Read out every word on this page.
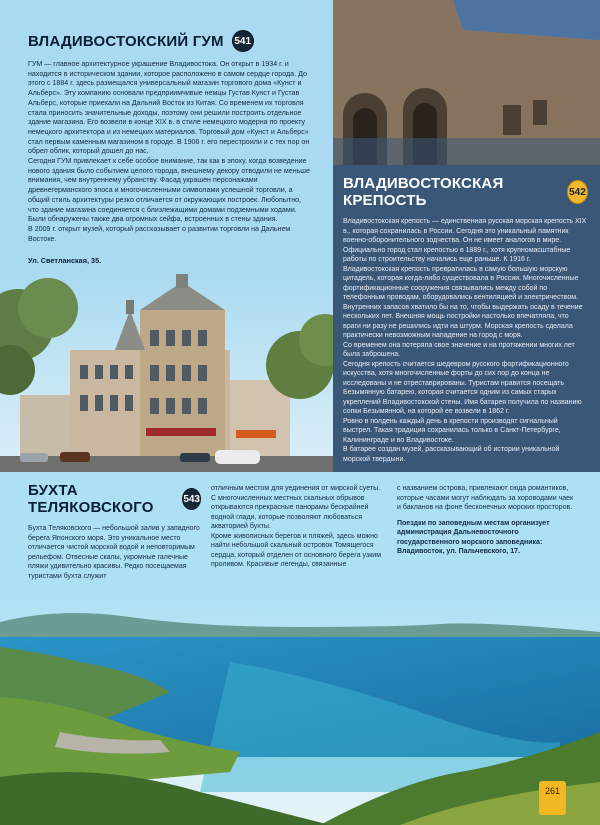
ВЛАДИВОСТОКСКИЙ ГУМ 541

ГУМ — главное архитектурное украшение Владивостока. Он открыт в 1934 г. и находится в историческом здании, которое расположено в самом сердце города. До этого с 1884 г. здесь размещался универсальный магазин торгового дома «Кунст и Альберс». Эту компанию основали предприимчивые немцы Густав Кунст и Густав Альберс, которые приехали на Дальний Восток из Китая. Со временем их торговля стала приносить значительные доходы, поэтому они решили построить отдельное здание магазина. Его возвели в конце XIX в. в стиле немецкого модерна по проекту немецкого архитектора и из немецких материалов. Торговый дом «Кунст и Альберс» стал первым каменным магазином в городе. В 1906 г. его перестроили и с тех пор он обрел облик, который дошел до нас.

Сегодня ГУМ привлекает к себе особое внимание, так как в эпоху, когда возведение нового здания было событием целого города, внешнему декору отводили не меньше внимания, чем внутреннему убранству. Фасад украшен персонажами древнегерманского эпоса и многочисленными символами успешной торговли, а общий стиль архитектуры резко отличается от окружающих построек. Любопытно, что здание магазина соединяется с близлежащими домами подземными ходами. Были обнаружены также два огромных сейфа, встроенных в стены здания.

В 2009 г. открыт музей, который рассказывает о развитии торговли на Дальнем Востоке.

Ул. Светланская, 35.
ВЛАДИВОСТОКСКАЯ КРЕПОСТЬ	542

Владивостокская крепость — единственная русская морская крепость XIX в., которая сохранилась в России. Сегодня это уникальный памятник военно-оборонительного зодчества. Он не имеет аналогов в мире. Официально город стал крепостью в 1889 г., хотя крупномасштабные работы по строительству начались еще раньше. К 1916 г. Владивостокская крепость превратилась в самую большую морскую цитадель, которая когда-либо существовала в России. Многочисленные фортификационные сооружения связывались между собой по телефонным проводам, оборудовались вентиляцией и электричеством. Внутренних запасов хватило бы на то, чтобы выдержать осаду в течение нескольких лет. Внешняя мощь постройки настолько впечатляла, что враги ни разу не решились идти на штурм. Морская крепость сделала практически невозможным нападение на город с моря.

Со временем она потеряла свое значение и на протяжении многих лет была заброшена.

Сегодня крепость считается шедевром русского фортификационного искусства, хотя многочисленные форты до сих пор до конца не исследованы и не отреставрированы. Туристам нравится посещать Безымянную батарею, которая считается одним из самых старых укреплений Владивостокской стены. Имя батарея получила по названию сопки Безымянной, на которой ее возвели в 1862 г.

Ровно в полдень каждый день в крепости производят сигнальный выстрел. Такая традиция сохранилась только в Санкт-Петербурге, Калининграде и во Владивостоке.

В батарее создан музей, рассказывающий об истории уникальной морской твердыни.

БУХТА ТЕЛЯКОВСКОГО	543

Бухта Теляковского — небольшой залив у западного берега Японского моря. Это уникальное место отличается чистой морской водой и неповторимым рельефом. Отвесные скалы, укромные галечные пляжи удивительно красивы. Редко посещаемая туристами бухта служит

отличным местом для уединения от мирской суеты. С многочисленных местных скальных обрывов открываются прекрасные панорамы бескрайней водной глади, которые позволяют любоваться акваторией бухты.

Кроме живописных берегов и пляжей, здесь можно найти небольшой скальный островок Томящегося сердца, который отделен от основного берега узким проливом. Красивые легенды, связанные

с названием острова, привлекают сюда романтиков, которые часами могут наблюдать за хороводами чаек и бакланов на фоне бесконечных морских просторов.

Поездки по заповедным местам организует администрация Дальневосточного государственного морского заповедника: Владивосток, ул. Пальчевского, 17.

261
